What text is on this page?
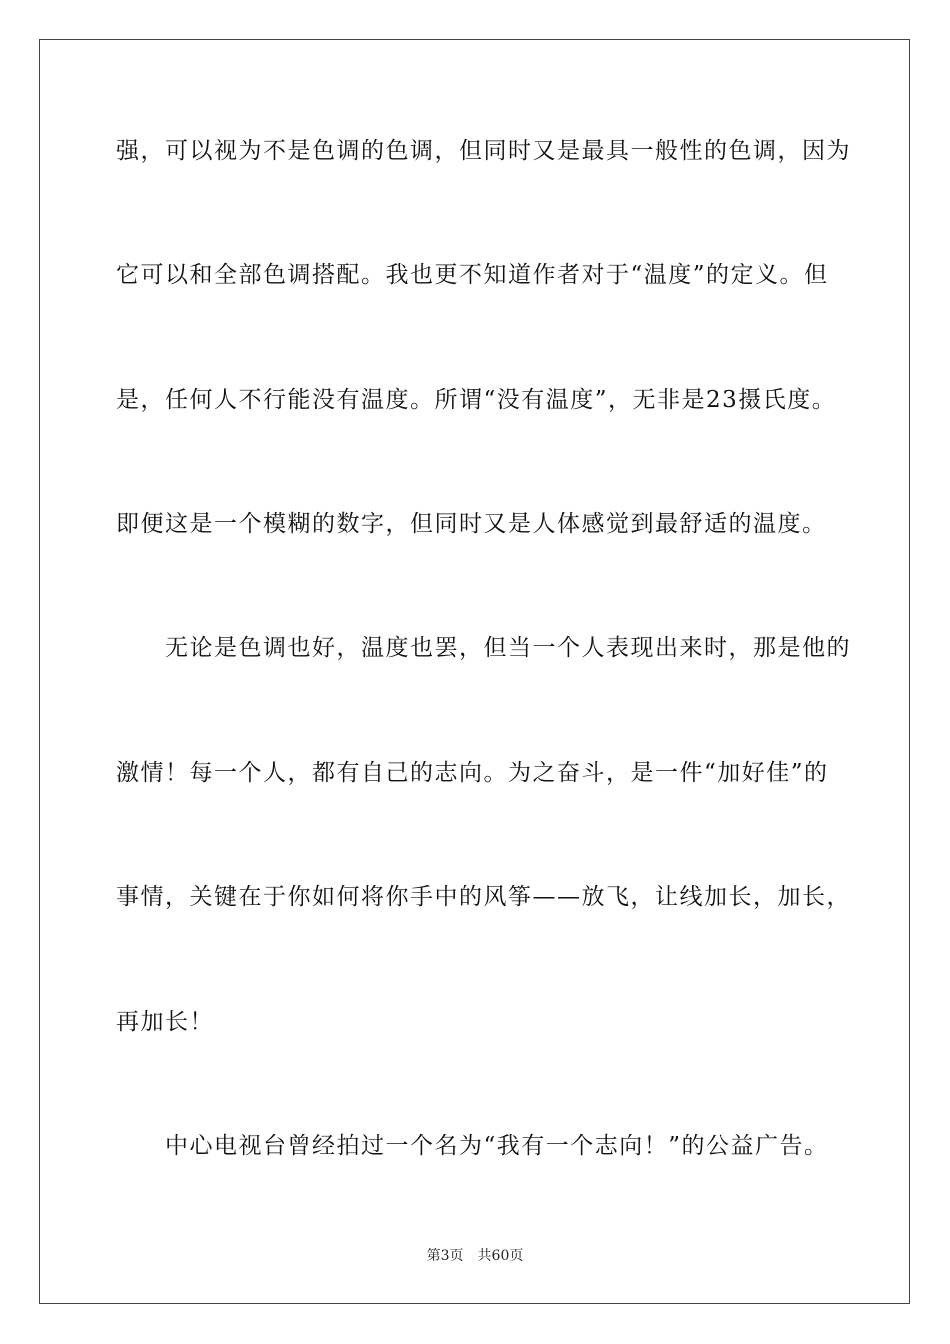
强，可以视为不是色调的色调，但同时又是最具一般性的色调，因为
它可以和全部色调搭配。我也更不知道作者对于“温度”的定义。但
是，任何人不行能没有温度。所谓“没有温度”，无非是23摄氏度。
即便这是一个模糊的数字，但同时又是人体感觉到最舒适的温度。
　　无论是色调也好，温度也罢，但当一个人表现出来时，那是他的
激情！每一个人，都有自己的志向。为之奋斗，是一件“加好佳”的
事情，关键在于你如何将你手中的风筝——放飞，让线加长，加长，
再加长！
　　中心电视台曾经拍过一个名为“我有一个志向！”的公益广告。
第3页 共60页
